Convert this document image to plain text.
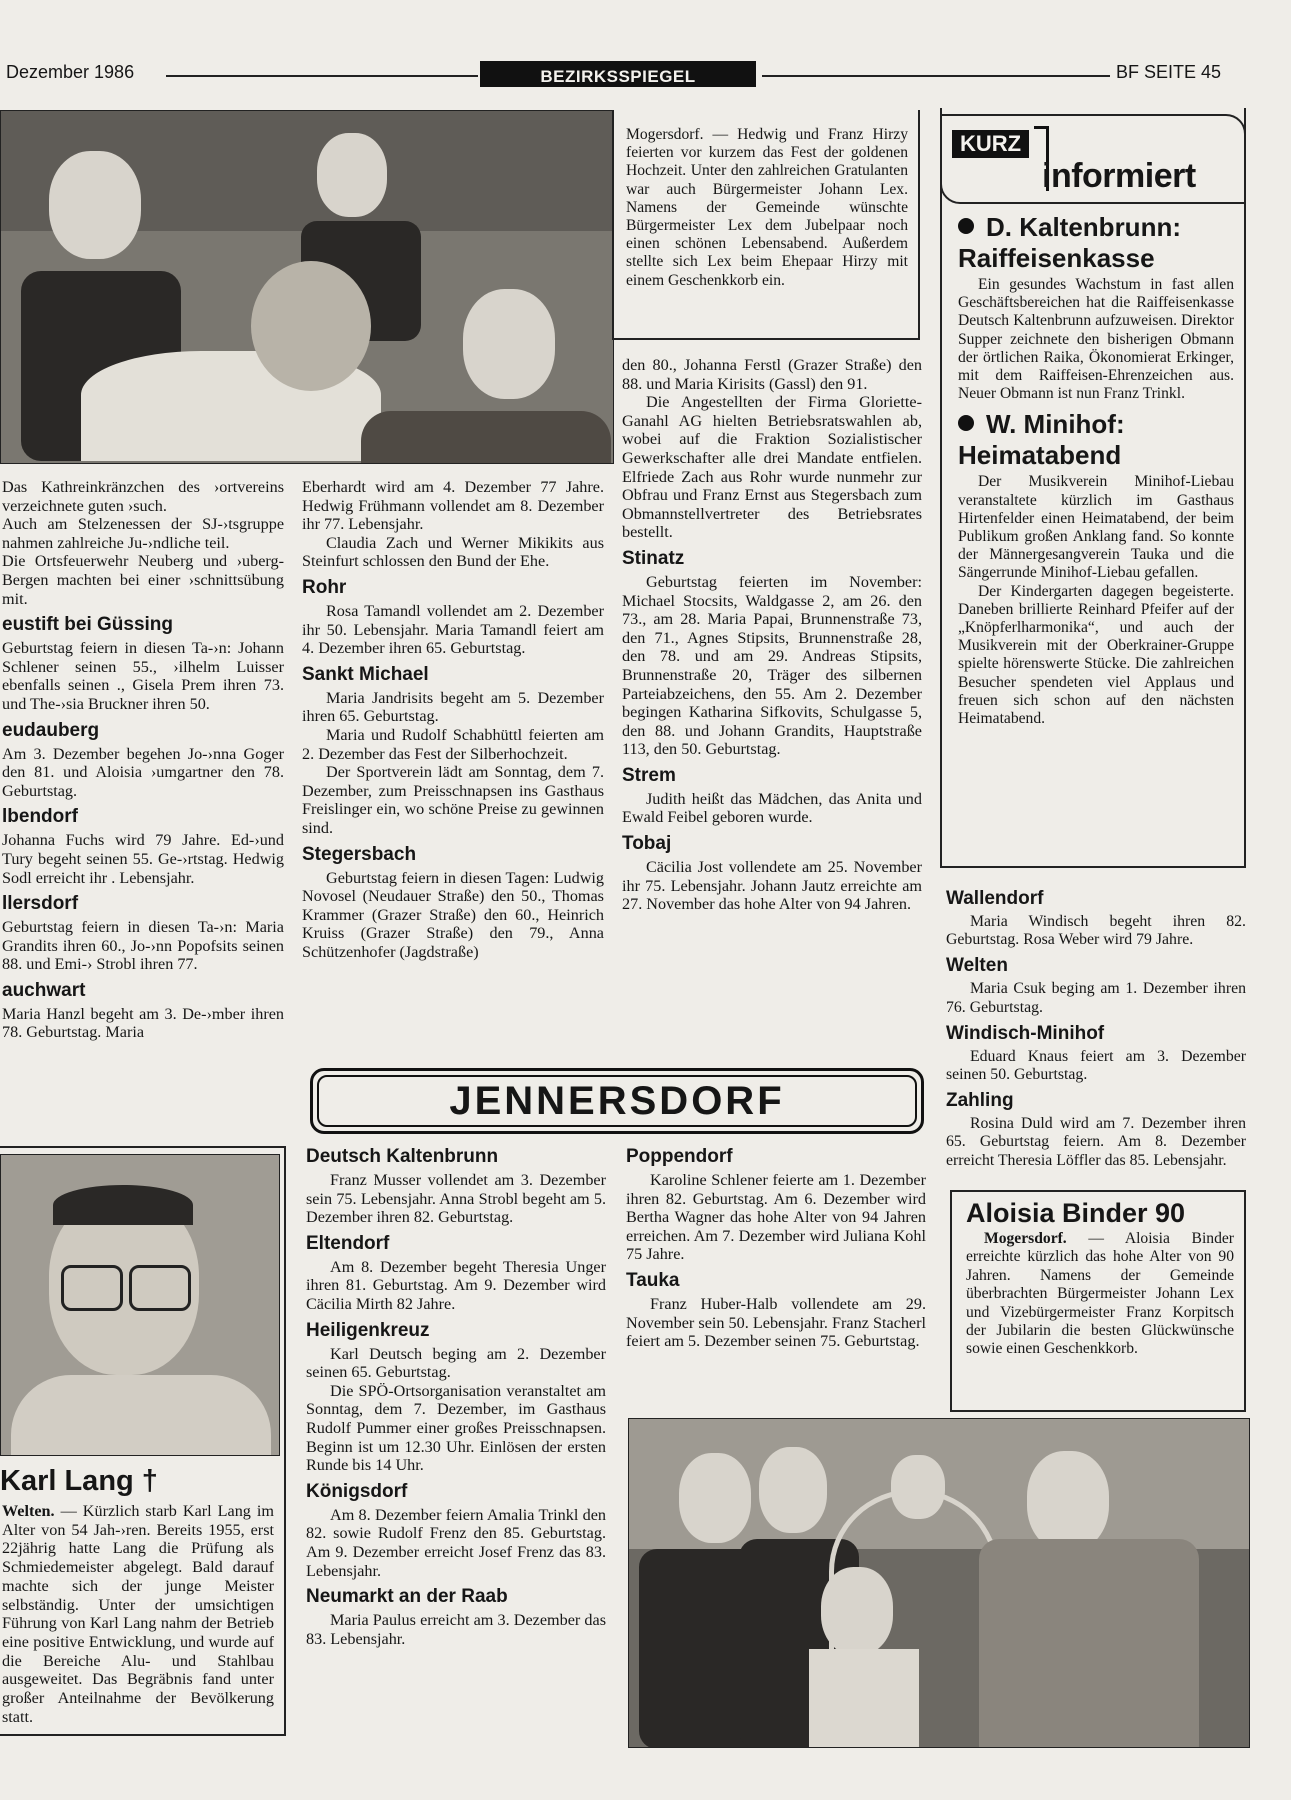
Dezember 1986	BEZIRKSSPIEGEL	BF SEITE 45
Mogersdorf. — Hedwig und Franz Hirzy feierten vor kurzem das Fest der goldenen Hochzeit. Unter den zahlreichen Gratulanten war auch Bürgermeister Johann Lex. Namens der Gemeinde wünschte Bürgermeister Lex dem Jubelpaar noch einen schönen Lebensabend. Außerdem stellte sich Lex beim Ehepaar Hirzy mit einem Geschenkkorb ein.

Das Kathreinkränzchen des ›ortvereins verzeichnete guten ›such.

Auch am Stelzenessen der SJ-›tsgruppe nahmen zahlreiche Ju-›ndliche teil.

Die Ortsfeuerwehr Neuberg und ›uberg-Bergen machten bei einer ›schnittsübung mit.

eustift bei Güssing

Geburtstag feiern in diesen Ta-›n: Johann Schlener seinen 55., ›ilhelm Luisser ebenfalls seinen ., Gisela Prem ihren 73. und The-›sia Bruckner ihren 50.

eudauberg

Am 3. Dezember begehen Jo-›nna Goger den 81. und Aloisia ›umgartner den 78. Geburtstag.

lbendorf

Johanna Fuchs wird 79 Jahre. Ed-›und Tury begeht seinen 55. Ge-›rtstag. Hedwig Sodl erreicht ihr . Lebensjahr.

llersdorf

Geburtstag feiern in diesen Ta-›n: Maria Grandits ihren 60., Jo-›nn Popofsits seinen 88. und Emi-› Strobl ihren 77.

auchwart

Maria Hanzl begeht am 3. De-›mber ihren 78. Geburtstag. Maria

Eberhardt wird am 4. Dezember 77 Jahre. Hedwig Frühmann vollendet am 8. Dezember ihr 77. Lebensjahr.

Claudia Zach und Werner Mikikits aus Steinfurt schlossen den Bund der Ehe.

Rohr

Rosa Tamandl vollendet am 2. Dezember ihr 50. Lebensjahr. Maria Tamandl feiert am 4. Dezember ihren 65. Geburtstag.

Sankt Michael

Maria Jandrisits begeht am 5. Dezember ihren 65. Geburtstag.

Maria und Rudolf Schabhüttl feierten am 2. Dezember das Fest der Silberhochzeit.

Der Sportverein lädt am Sonntag, dem 7. Dezember, zum Preisschnapsen ins Gasthaus Freislinger ein, wo schöne Preise zu gewinnen sind.

Stegersbach

Geburtstag feiern in diesen Tagen: Ludwig Novosel (Neudauer Straße) den 50., Thomas Krammer (Grazer Straße) den 60., Heinrich Kruiss (Grazer Straße) den 79., Anna Schützenhofer (Jagdstraße)

den 80., Johanna Ferstl (Grazer Straße) den 88. und Maria Kirisits (Gassl) den 91.

Die Angestellten der Firma Gloriette-Ganahl AG hielten Betriebsratswahlen ab, wobei auf die Fraktion Sozialistischer Gewerkschafter alle drei Mandate entfielen. Elfriede Zach aus Rohr wurde nunmehr zur Obfrau und Franz Ernst aus Stegersbach zum Obmannstellvertreter des Betriebsrates bestellt.

Stinatz

Geburtstag feierten im November: Michael Stocsits, Waldgasse 2, am 26. den 73., am 28. Maria Papai, Brunnenstraße 73, den 71., Agnes Stipsits, Brunnenstraße 28, den 78. und am 29. Andreas Stipsits, Brunnenstraße 20, Träger des silbernen Parteiabzeichens, den 55. Am 2. Dezember begingen Katharina Sifkovits, Schulgasse 5, den 88. und Johann Grandits, Hauptstraße 113, den 50. Geburtstag.

Strem

Judith heißt das Mädchen, das Anita und Ewald Feibel geboren wurde.

Tobaj

Cäcilia Jost vollendete am 25. November ihr 75. Lebensjahr. Johann Jautz erreichte am 27. November das hohe Alter von 94 Jahren.

KURZ
informiert
D. Kaltenbrunn: Raiffeisenkasse
Ein gesundes Wachstum in fast allen Geschäftsbereichen hat die Raiffeisenkasse Deutsch Kaltenbrunn aufzuweisen. Direktor Supper zeichnete den bisherigen Obmann der örtlichen Raika, Ökonomierat Erkinger, mit dem Raiffeisen-Ehrenzeichen aus. Neuer Obmann ist nun Franz Trinkl.
W. Minihof: Heimatabend
Der Musikverein Minihof-Liebau veranstaltete kürzlich im Gasthaus Hirtenfelder einen Heimatabend, der beim Publikum großen Anklang fand. So konnte der Männergesangverein Tauka und die Sängerrunde Minihof-Liebau gefallen.
Der Kindergarten dagegen begeisterte. Daneben brillierte Reinhard Pfeifer auf der „Knöpferlharmonika“, und auch der Musikverein mit der Oberkrainer-Gruppe spielte hörenswerte Stücke. Die zahlreichen Besucher spendeten viel Applaus und freuen sich schon auf den nächsten Heimatabend.
Wallendorf

Maria Windisch begeht ihren 82. Geburtstag. Rosa Weber wird 79 Jahre.

Welten

Maria Csuk beging am 1. Dezember ihren 76. Geburtstag.

Windisch-Minihof

Eduard Knaus feiert am 3. Dezember seinen 50. Geburtstag.

Zahling

Rosina Duld wird am 7. Dezember ihren 65. Geburtstag feiern. Am 8. Dezember erreicht Theresia Löffler das 85. Lebensjahr.

Aloisia Binder 90
Mogersdorf. — Aloisia Binder erreichte kürzlich das hohe Alter von 90 Jahren. Namens der Gemeinde überbrachten Bürgermeister Johann Lex und Vizebürgermeister Franz Korpitsch der Jubilarin die besten Glückwünsche sowie einen Geschenkkorb.
JENNERSDORF
Deutsch Kaltenbrunn

Franz Musser vollendet am 3. Dezember sein 75. Lebensjahr. Anna Strobl begeht am 5. Dezember ihren 82. Geburtstag.

Eltendorf

Am 8. Dezember begeht Theresia Unger ihren 81. Geburtstag. Am 9. Dezember wird Cäcilia Mirth 82 Jahre.

Heiligenkreuz

Karl Deutsch beging am 2. Dezember seinen 65. Geburtstag.

Die SPÖ-Ortsorganisation veranstaltet am Sonntag, dem 7. Dezember, im Gasthaus Rudolf Pummer einer großes Preisschnapsen. Beginn ist um 12.30 Uhr. Einlösen der ersten Runde bis 14 Uhr.

Königsdorf

Am 8. Dezember feiern Amalia Trinkl den 82. sowie Rudolf Frenz den 85. Geburtstag. Am 9. Dezember erreicht Josef Frenz das 83. Lebensjahr.

Neumarkt an der Raab

Maria Paulus erreicht am 3. Dezember das 83. Lebensjahr.

Poppendorf

Karoline Schlener feierte am 1. Dezember ihren 82. Geburtstag. Am 6. Dezember wird Bertha Wagner das hohe Alter von 94 Jahren erreichen. Am 7. Dezember wird Juliana Kohl 75 Jahre.

Tauka

Franz Huber-Halb vollendete am 29. November sein 50. Lebensjahr. Franz Stacherl feiert am 5. Dezember seinen 75. Geburtstag.

Karl Lang †
Welten. — Kürzlich starb Karl Lang im Alter von 54 Jah-›ren. Bereits 1955, erst 22jährig hatte Lang die Prüfung als Schmiedemeister abgelegt. Bald darauf machte sich der junge Meister selbständig. Unter der umsichtigen Führung von Karl Lang nahm der Betrieb eine positive Entwicklung, und wurde auf die Bereiche Alu- und Stahlbau ausgeweitet. Das Begräbnis fand unter großer Anteilnahme der Bevölkerung statt.
